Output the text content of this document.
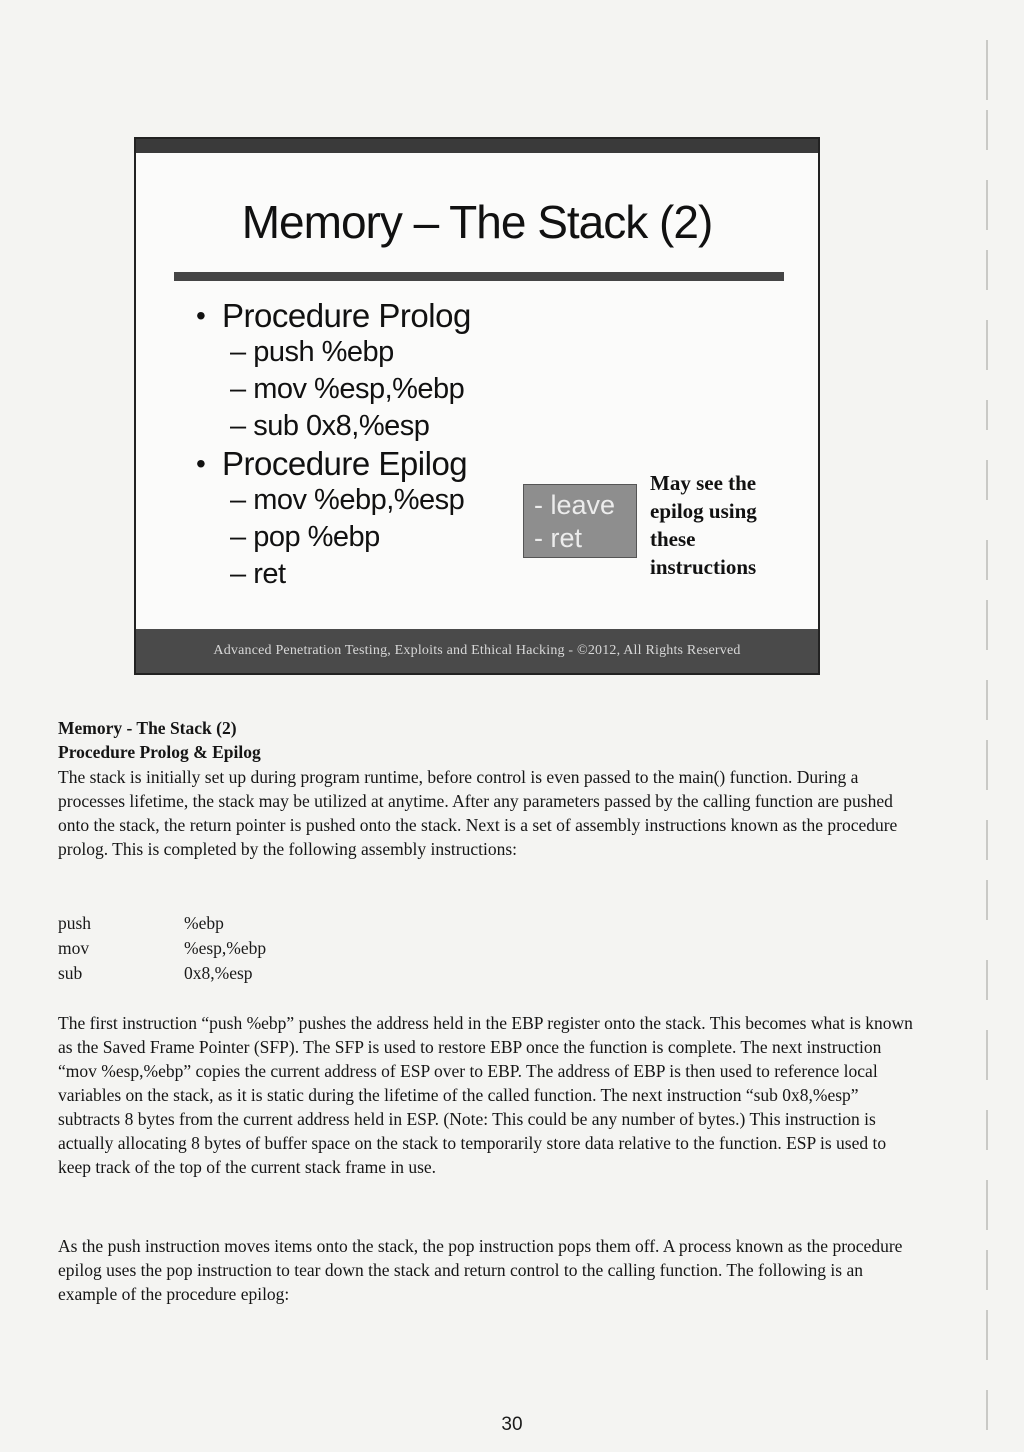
Memory – The Stack (2)
• Procedure Prolog
– push %ebp
– mov %esp,%ebp
– sub 0x8,%esp
• Procedure Epilog
– mov %ebp,%esp
– pop %ebp
– ret
- leave
- ret
May see the epilog using these instructions
Advanced Penetration Testing, Exploits and Ethical Hacking - ©2012, All Rights Reserved
Memory - The Stack (2)
Procedure Prolog & Epilog
The stack is initially set up during program runtime, before control is even passed to the main() function. During a processes lifetime, the stack may be utilized at anytime. After any parameters passed by the calling function are pushed onto the stack, the return pointer is pushed onto the stack. Next is a set of assembly instructions known as the procedure prolog. This is completed by the following assembly instructions:
push	%ebp
mov	%esp,%ebp
sub	0x8,%esp
The first instruction “push %ebp” pushes the address held in the EBP register onto the stack. This becomes what is known as the Saved Frame Pointer (SFP). The SFP is used to restore EBP once the function is complete. The next instruction “mov %esp,%ebp” copies the current address of ESP over to EBP. The address of EBP is then used to reference local variables on the stack, as it is static during the lifetime of the called function. The next instruction “sub 0x8,%esp” subtracts 8 bytes from the current address held in ESP. (Note: This could be any number of bytes.) This instruction is actually allocating 8 bytes of buffer space on the stack to temporarily store data relative to the function. ESP is used to keep track of the top of the current stack frame in use.
As the push instruction moves items onto the stack, the pop instruction pops them off. A process known as the procedure epilog uses the pop instruction to tear down the stack and return control to the calling function. The following is an example of the procedure epilog:
30
